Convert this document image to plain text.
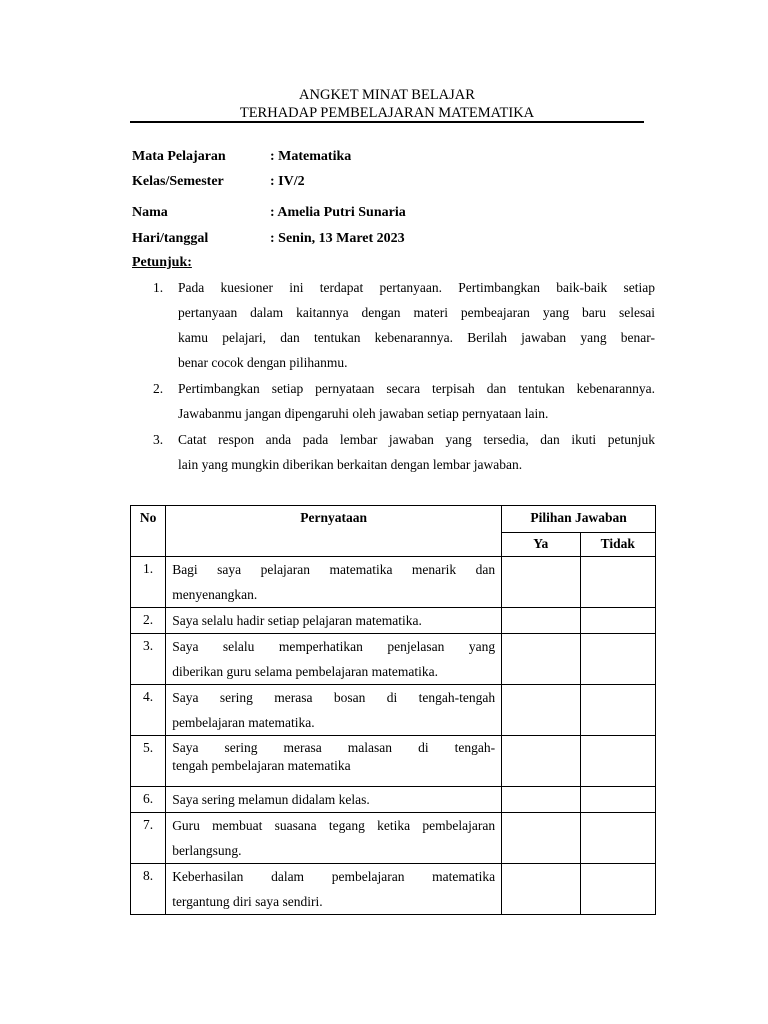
ANGKET MINAT BELAJAR
TERHADAP PEMBELAJARAN MATEMATIKA
Mata Pelajaran	: Matematika
Kelas/Semester	: IV/2
Nama	: Amelia Putri Sunaria
Hari/tanggal	: Senin, 13 Maret 2023
Petunjuk:
1. Pada kuesioner ini terdapat pertanyaan. Pertimbangkan baik-baik setiap
pertanyaan dalam kaitannya dengan materi pembeajaran yang baru selesai
kamu pelajari, dan tentukan kebenarannya. Berilah jawaban yang benar-
benar cocok dengan pilihanmu.
2. Pertimbangkan setiap pernyataan secara terpisah dan tentukan kebenarannya.
Jawabanmu jangan dipengaruhi oleh jawaban setiap pernyataan lain.
3. Catat respon anda pada lembar jawaban yang tersedia, dan ikuti petunjuk
lain yang mungkin diberikan berkaitan dengan lembar jawaban.
No	Pernyataan	Pilihan Jawaban	
		Ya	Tidak
1.	Bagi saya pelajaran matematika menarik dan
menyenangkan.		

2.	Saya selalu hadir setiap pelajaran matematika.		

3.	Saya selalu memperhatikan penjelasan yang
diberikan guru selama pembelajaran matematika.		

4.	Saya sering merasa bosan di tengah-tengah
pembelajaran matematika.		

5.	Saya sering merasa malasan di tengah-
tengah pembelajaran matematika		

6.	Saya sering melamun didalam kelas.		

7.	Guru membuat suasana tegang ketika pembelajaran
berlangsung.		

8.	Keberhasilan dalam pembelajaran matematika
tergantung diri saya sendiri.		
